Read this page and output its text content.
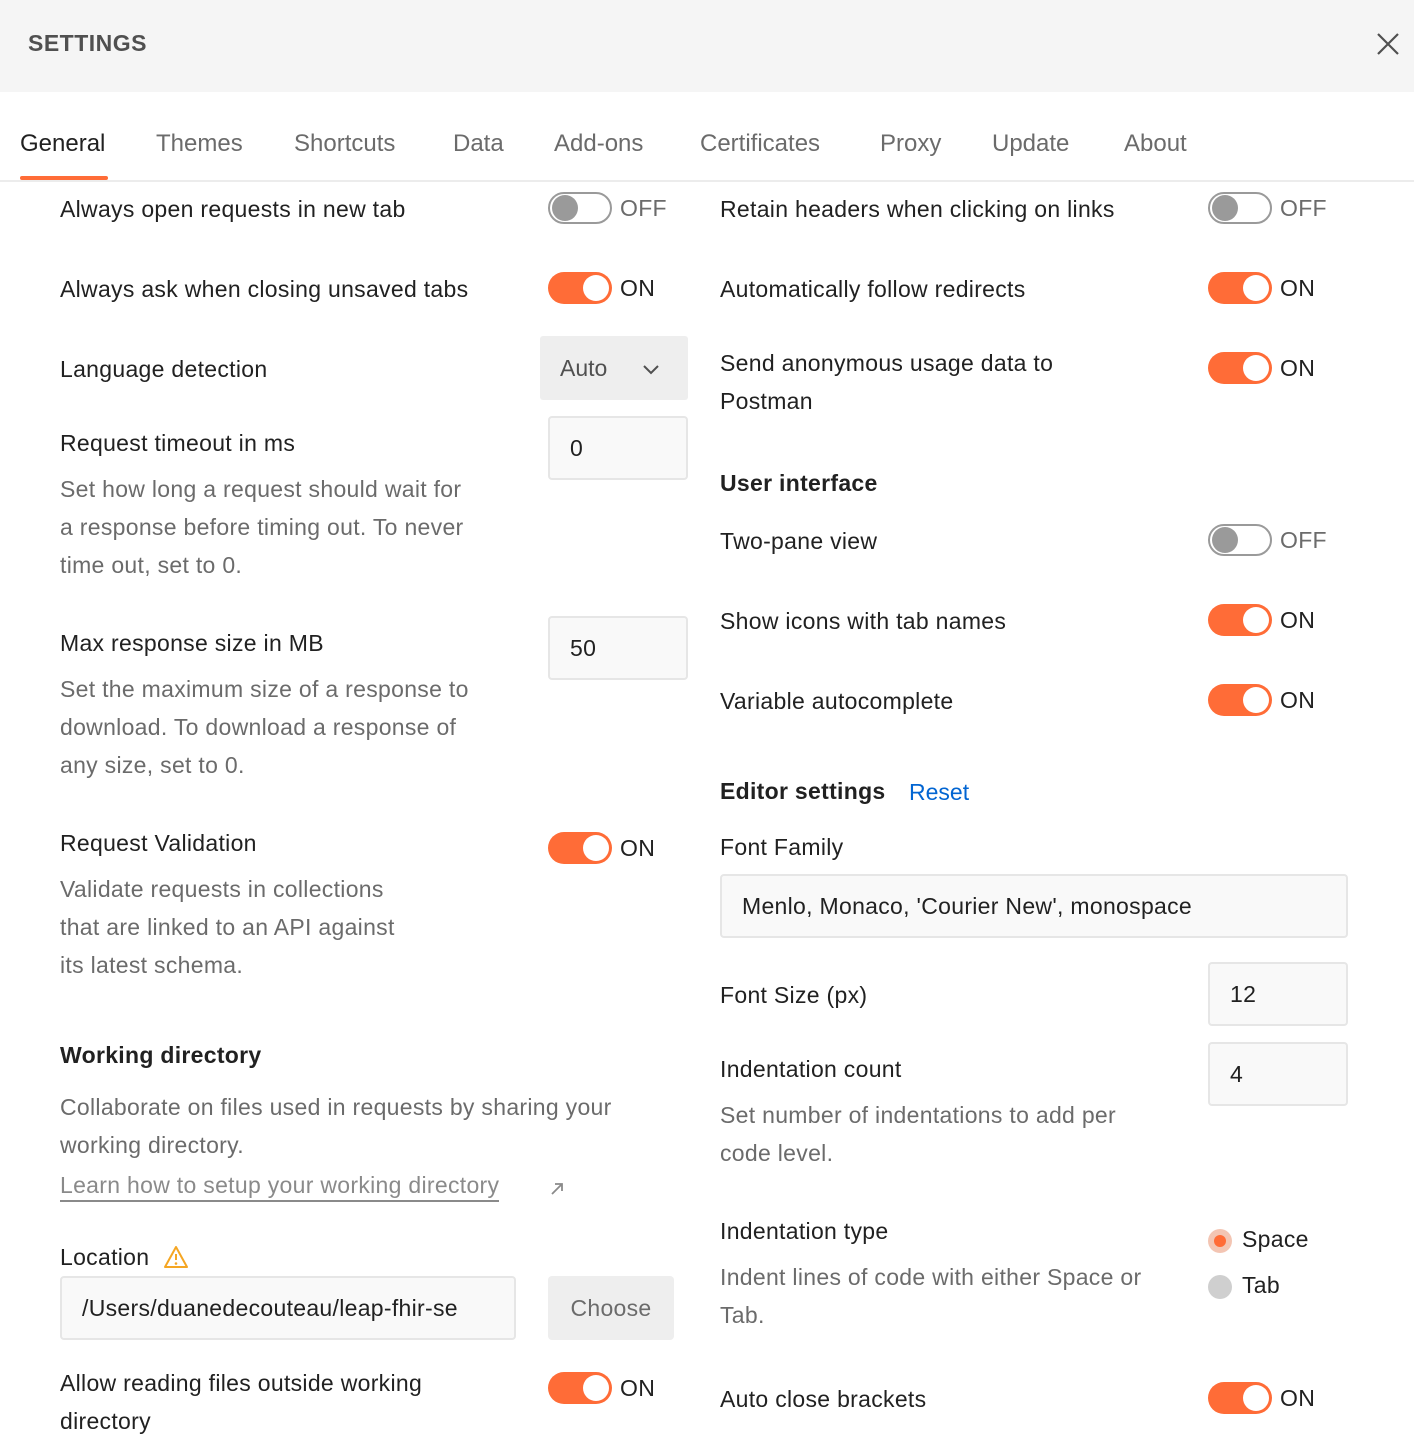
SETTINGS
General Themes Shortcuts Data Add-ons Certificates Proxy Update About
Always open requests in new tab	OFF
Always ask when closing unsaved tabs	ON
Language detection	Auto
Request timeout in ms	0
Set how long a request should wait for
a response before timing out. To never
time out, set to 0.
Max response size in MB	50
Set the maximum size of a response to
download. To download a response of
any size, set to 0.
Request Validation	ON
Validate requests in collections
that are linked to an API against
its latest schema.
Working directory
Collaborate on files used in requests by sharing your
working directory.
Learn how to setup your working directory
Location
/Users/duanedecouteau/leap-fhir-se	Choose
Allow reading files outside working
directory
ON
Retain headers when clicking on links	OFF
Automatically follow redirects	ON
Send anonymous usage data to
Postman
ON
User interface
Two-pane view	OFF
Show icons with tab names	ON
Variable autocomplete	ON
Editor settings Reset
Font Family
Menlo, Monaco, 'Courier New', monospace
Font Size (px)	12
Indentation count	4
Set number of indentations to add per
code level.
Indentation type
Indent lines of code with either Space or
Tab.
Space
Tab
Auto close brackets	ON
